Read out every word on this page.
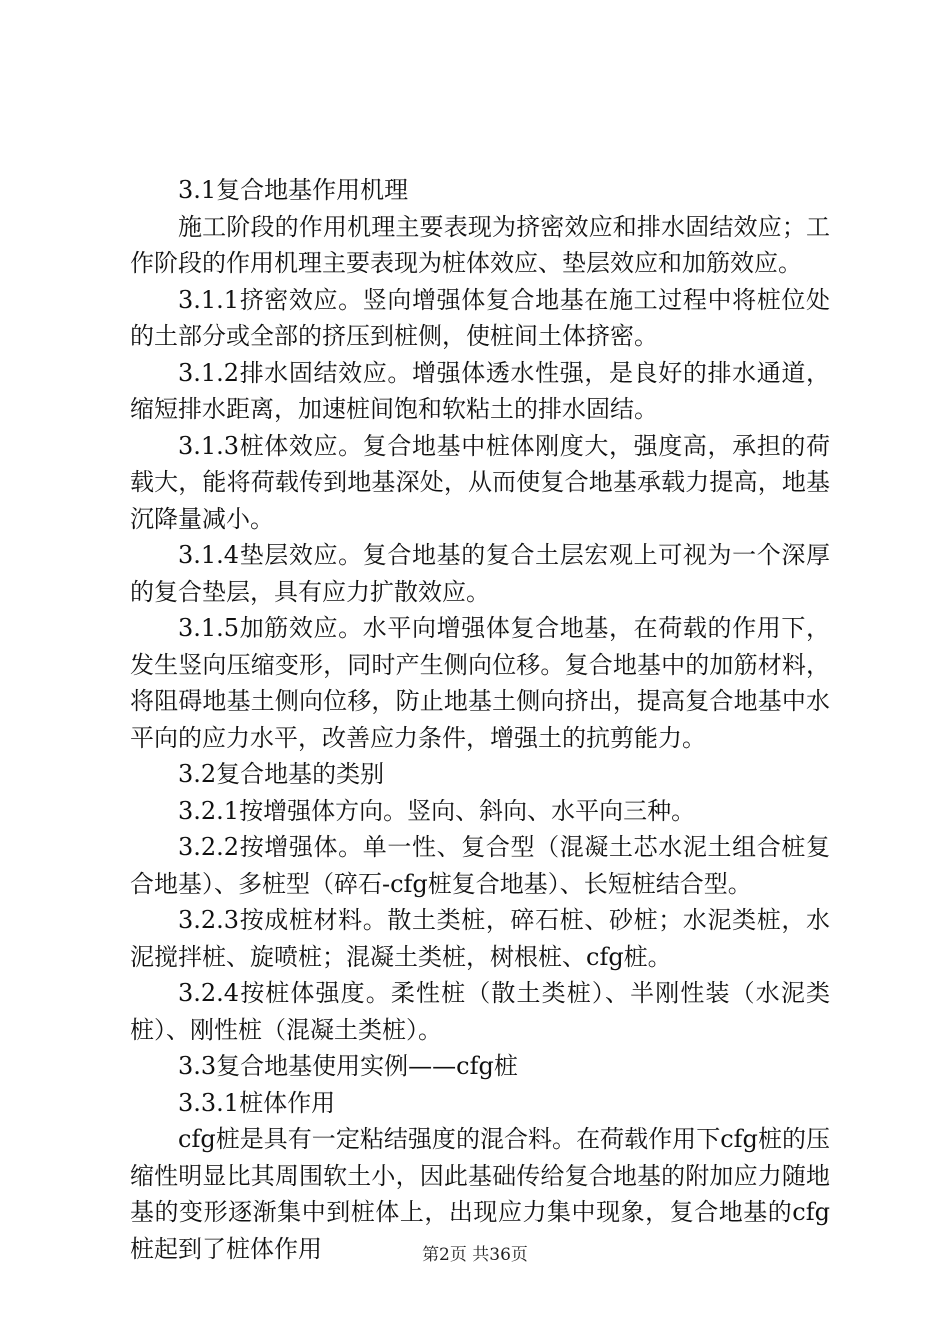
3.1复合地基作用机理

施工阶段的作用机理主要表现为挤密效应和排水固结效应；工作阶段的作用机理主要表现为桩体效应、垫层效应和加筋效应。

3.1.1挤密效应。竖向增强体复合地基在施工过程中将桩位处的土部分或全部的挤压到桩侧，使桩间土体挤密。

3.1.2排水固结效应。增强体透水性强，是良好的排水通道，缩短排水距离，加速桩间饱和软粘土的排水固结。

3.1.3桩体效应。复合地基中桩体刚度大，强度高，承担的荷载大，能将荷载传到地基深处，从而使复合地基承载力提高，地基沉降量减小。

3.1.4垫层效应。复合地基的复合土层宏观上可视为一个深厚的复合垫层，具有应力扩散效应。

3.1.5加筋效应。水平向增强体复合地基，在荷载的作用下，发生竖向压缩变形，同时产生侧向位移。复合地基中的加筋材料，将阻碍地基土侧向位移，防止地基土侧向挤出，提高复合地基中水平向的应力水平，改善应力条件，增强土的抗剪能力。

3.2复合地基的类别

3.2.1按增强体方向。竖向、斜向、水平向三种。

3.2.2按增强体。单一性、复合型（混凝土芯水泥土组合桩复合地基）、多桩型（碎石-cfg桩复合地基）、长短桩结合型。

3.2.3按成桩材料。散土类桩，碎石桩、砂桩；水泥类桩，水泥搅拌桩、旋喷桩；混凝土类桩，树根桩、cfg桩。

3.2.4按桩体强度。柔性桩（散土类桩）、半刚性装（水泥类桩）、刚性桩（混凝土类桩）。

3.3复合地基使用实例——cfg桩

3.3.1桩体作用

cfg桩是具有一定粘结强度的混合料。在荷载作用下cfg桩的压缩性明显比其周围软土小，因此基础传给复合地基的附加应力随地基的变形逐渐集中到桩体上，出现应力集中现象，复合地基的cfg桩起到了桩体作用	第2页 共36页
